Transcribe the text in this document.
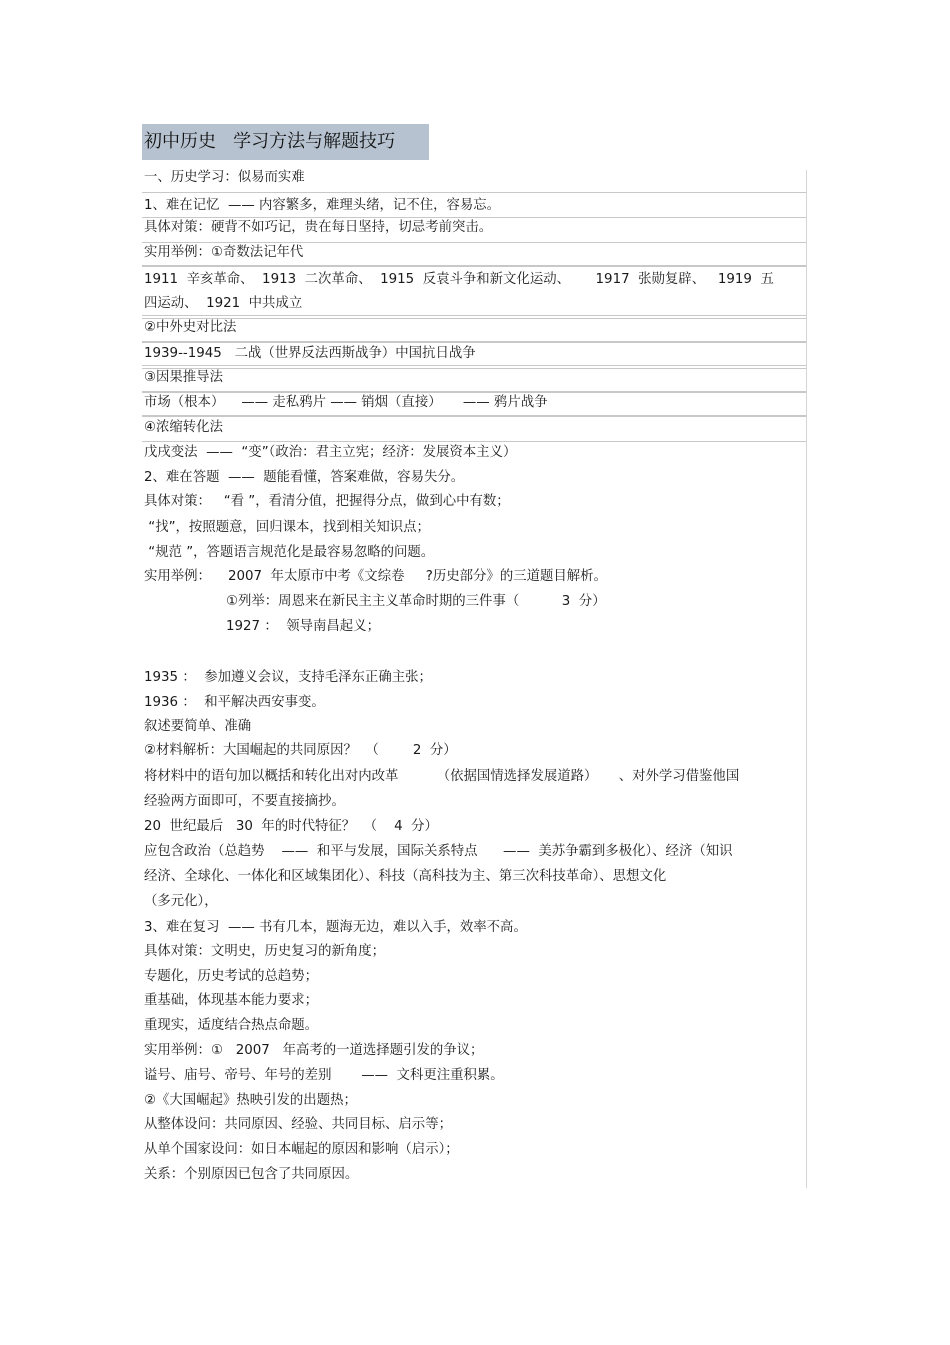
初中历史   学习方法与解题技巧
一、历史学习：似易而实难
1、难在记忆  —— 内容繁多，难理头绪，记不住，容易忘。
具体对策：硬背不如巧记，贵在每日坚持，切忌考前突击。
实用举例：①奇数法记年代
1911  辛亥革命、  1913  二次革命、  1915  反袁斗争和新文化运动、      1917  张勋复辟、   1919  五
四运动、  1921  中共成立
②中外史对比法
1939--1945   二战（世界反法西斯战争）中国抗日战争
③因果推导法
市场（根本）    —— 走私鸦片 —— 销烟（直接）     —— 鸦片战争
④浓缩转化法
戊戌变法  ——  “变”（政治：君主立宪；经济：发展资本主义）
2、难在答题  ——  题能看懂，答案难做，容易失分。
具体对策：   “看 ”，看清分值，把握得分点，做到心中有数；
“找”，按照题意，回归课本，找到相关知识点；
“规范 ”，答题语言规范化是最容易忽略的问题。
实用举例：    2007  年太原市中考《文综卷     ?历史部分》的三道题目解析。
①列举：周恩来在新民主主义革命时期的三件事（          3  分）
1927 ：  领导南昌起义；
1935 ：  参加遵义会议，支持毛泽东正确主张；
1936 ：  和平解决西安事变。
叙述要简单、准确
②材料解析：大国崛起的共同原因？  （        2  分）
将材料中的语句加以概括和转化出对内改革         （依据国情选择发展道路）     、对外学习借鉴他国
经验两方面即可，不要直接摘抄。
20  世纪最后   30  年的时代特征？  （    4  分）
应包含政治（总趋势    ——  和平与发展，国际关系特点      ——  美苏争霸到多极化）、经济（知识
经济、全球化、一体化和区域集团化）、科技（高科技为主、第三次科技革命）、思想文化
（多元化），
3、难在复习  —— 书有几本，题海无边，难以入手，效率不高。
具体对策：文明史，历史复习的新角度；
专题化，历史考试的总趋势；
重基础，体现基本能力要求；
重现实，适度结合热点命题。
实用举例：①   2007   年高考的一道选择题引发的争议；
谥号、庙号、帝号、年号的差别       ——  文科更注重积累。
②《大国崛起》热映引发的出题热；
从整体设问：共同原因、经验、共同目标、启示等；
从单个国家设问：如日本崛起的原因和影响（启示）；
关系：个别原因已包含了共同原因。
